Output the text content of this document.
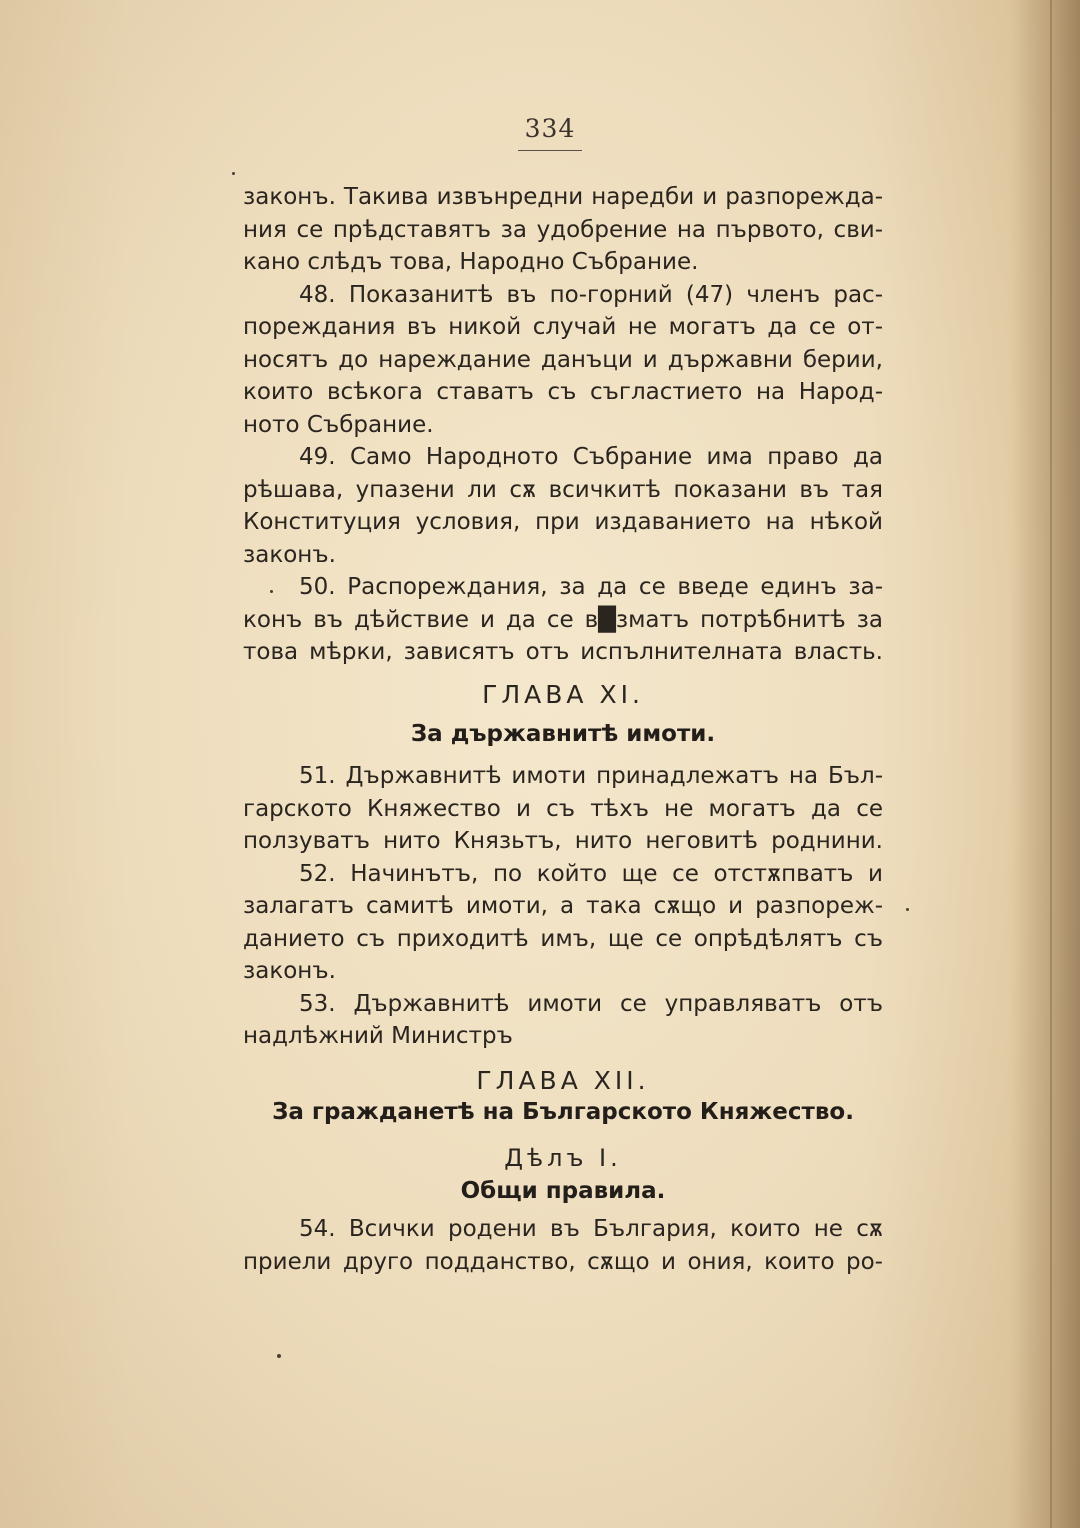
334
законъ. Такива извънредни наредби и разпорежда-
ния се прѣдставятъ за удобрение на първото, сви-
кано слѣдъ това, Народно Събрание.
48. Показанитѣ въ по-горний (47) членъ рас-
пореждания въ никой случай не могатъ да се от-
носятъ до нареждание данъци и държавни берии,
които всѣкога ставатъ съ съгластието на Народ-
ното Събрание.
49. Само Народното Събрание има право да
рѣшава, упазени ли сѫ всичкитѣ показани въ тая
Конституция условия, при издаванието на нѣкой
законъ.
50. Распореждания, за да се введе единъ за-
конъ въ дѣйствие и да се в█зматъ потрѣбнитѣ за
това мѣрки, зависятъ отъ испълнителната власть.
ГЛАВА XI.
За държавнитѣ имоти.
51. Държавнитѣ имоти принадлежатъ на Бъл-
гарското Княжество и съ тѣхъ не могатъ да се
ползуватъ нито Князьтъ, нито неговитѣ роднини.
52. Начинътъ, по който ще се отстѫпватъ и
залагатъ самитѣ имоти, а така сѫщо и разпореж-
данието съ приходитѣ имъ, ще се опрѣдѣлятъ съ
законъ.
53. Държавнитѣ имоти се управляватъ отъ
надлѣжний Министръ
ГЛАВА XII.
За гражданетѣ на Българското Княжество.
Дѣлъ I.
Общи правила.
54. Всички родени въ България, които не сѫ
приели друго подданство, сѫщо и ония, които ро-
